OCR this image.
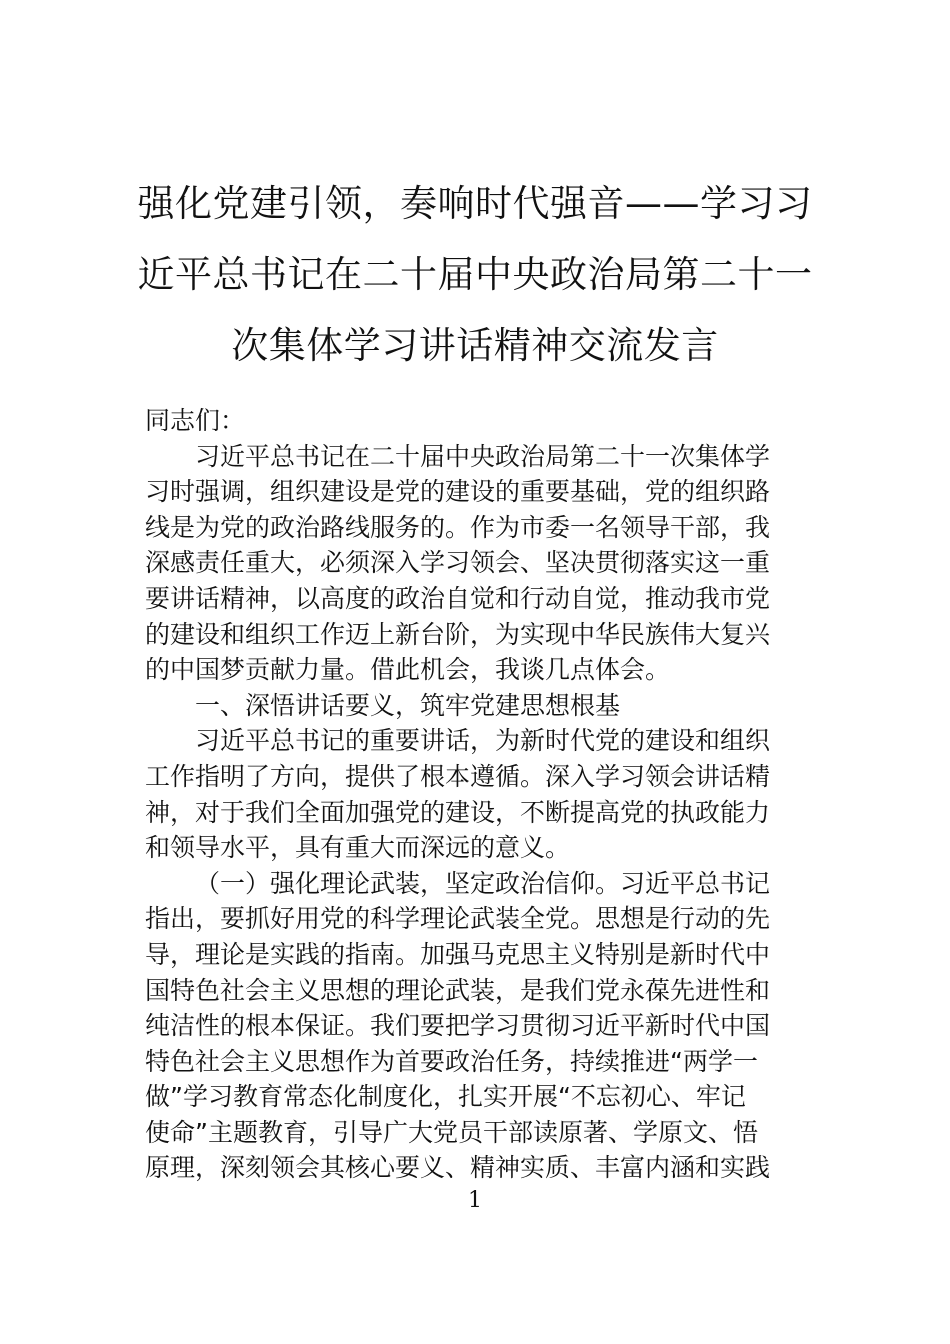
强化党建引领，奏响时代强音——学习习
近平总书记在二十届中央政治局第二十一
次集体学习讲话精神交流发言
同志们：
习近平总书记在二十届中央政治局第二十一次集体学
习时强调，组织建设是党的建设的重要基础，党的组织路
线是为党的政治路线服务的。作为市委一名领导干部，我
深感责任重大，必须深入学习领会、坚决贯彻落实这一重
要讲话精神，以高度的政治自觉和行动自觉，推动我市党
的建设和组织工作迈上新台阶，为实现中华民族伟大复兴
的中国梦贡献力量。借此机会，我谈几点体会。
一、深悟讲话要义，筑牢党建思想根基
习近平总书记的重要讲话，为新时代党的建设和组织
工作指明了方向，提供了根本遵循。深入学习领会讲话精
神，对于我们全面加强党的建设，不断提高党的执政能力
和领导水平，具有重大而深远的意义。
（一）强化理论武装，坚定政治信仰。习近平总书记
指出，要抓好用党的科学理论武装全党。思想是行动的先
导，理论是实践的指南。加强马克思主义特别是新时代中
国特色社会主义思想的理论武装，是我们党永葆先进性和
纯洁性的根本保证。我们要把学习贯彻习近平新时代中国
特色社会主义思想作为首要政治任务，持续推进“两学一
做”学习教育常态化制度化，扎实开展“不忘初心、牢记
使命”主题教育，引导广大党员干部读原著、学原文、悟
原理，深刻领会其核心要义、精神实质、丰富内涵和实践
1
